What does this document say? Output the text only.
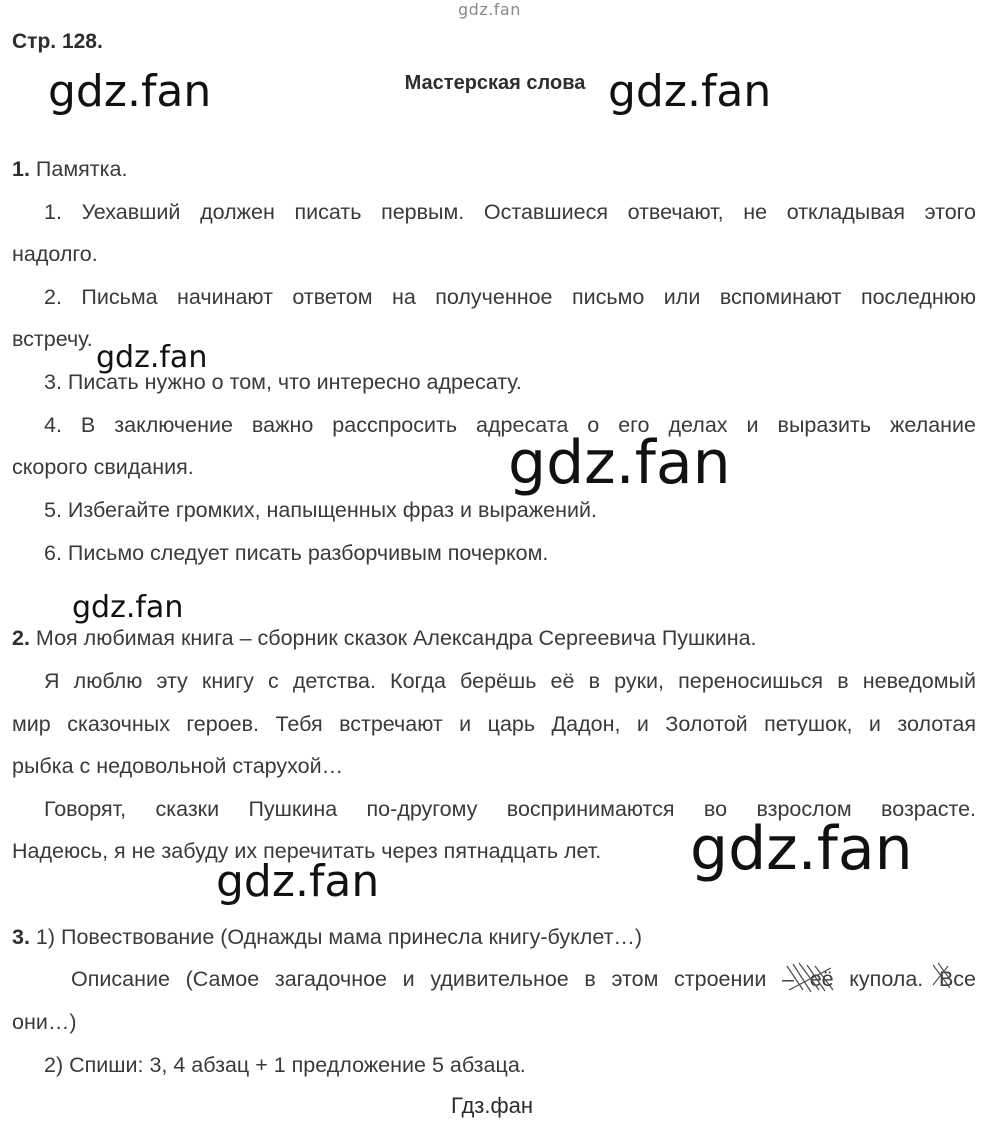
gdz.fan
Стр. 128.
Мастерская слова
1. Памятка.
1. Уехавший должен писать первым. Оставшиеся отвечают, не откладывая этого
надолго.
2. Письма начинают ответом на полученное письмо или вспоминают последнюю
встречу.
3. Писать нужно о том, что интересно адресату.
4. В заключение важно расспросить адресата о его делах и выразить желание
скорого свидания.
5. Избегайте громких, напыщенных фраз и выражений.
6. Письмо следует писать разборчивым почерком.
2. Моя любимая книга – сборник сказок Александра Сергеевича Пушкина.
Я люблю эту книгу с детства. Когда берёшь её в руки, переносишься в неведомый
мир сказочных героев. Тебя встречают и царь Дадон, и Золотой петушок, и золотая
рыбка с недовольной старухой…
Говорят, сказки Пушкина по-другому воспринимаются во взрослом возрасте.
Надеюсь, я не забуду их перечитать через пятнадцать лет.
3. 1) Повествование (Однажды мама принесла книгу-буклет…)
Описание (Самое загадочное и удивительное в этом строении – её купола. Все
они…)
2) Спиши: 3, 4 абзац + 1 предложение 5 абзаца.
gdz.fan	gdz.fan
gdz.fan
gdz.fan
gdz.fan
gdz.fan
gdz.fan
Гдз.фан
